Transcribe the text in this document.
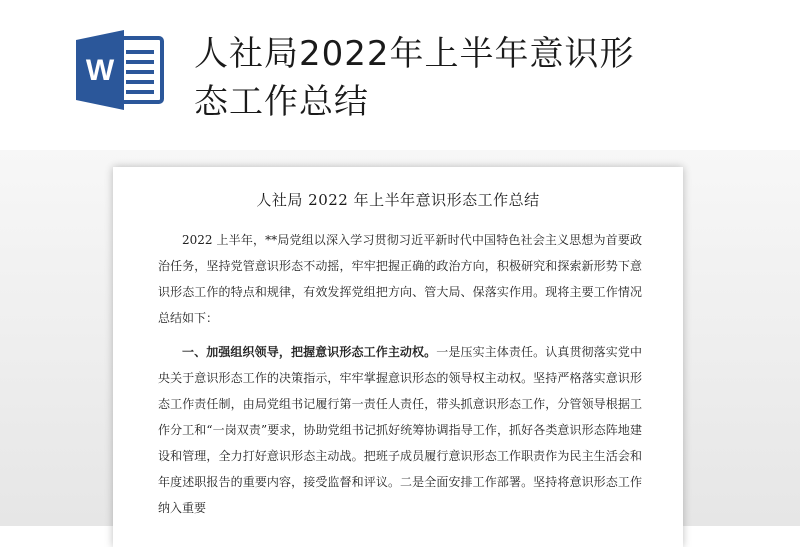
W 人社局2022年上半年意识形态工作总结
人社局 2022 年上半年意识形态工作总结

2022 上半年，**局党组以深入学习贯彻习近平新时代中国特色社会主义思想为首要政治任务，坚持党管意识形态不动摇，牢牢把握正确的政治方向，积极研究和探索新形势下意识形态工作的特点和规律，有效发挥党组把方向、管大局、保落实作用。现将主要工作情况总结如下：

一、加强组织领导，把握意识形态工作主动权。一是压实主体责任。认真贯彻落实党中央关于意识形态工作的决策指示，牢牢掌握意识形态的领导权主动权。坚持严格落实意识形态工作责任制，由局党组书记履行第一责任人责任，带头抓意识形态工作，分管领导根据工作分工和“一岗双责”要求，协助党组书记抓好统筹协调指导工作，抓好各类意识形态阵地建设和管理，全力打好意识形态主动战。把班子成员履行意识形态工作职责作为民主生活会和年度述职报告的重要内容，接受监督和评议。二是全面安排工作部署。坚持将意识形态工作纳入重要
